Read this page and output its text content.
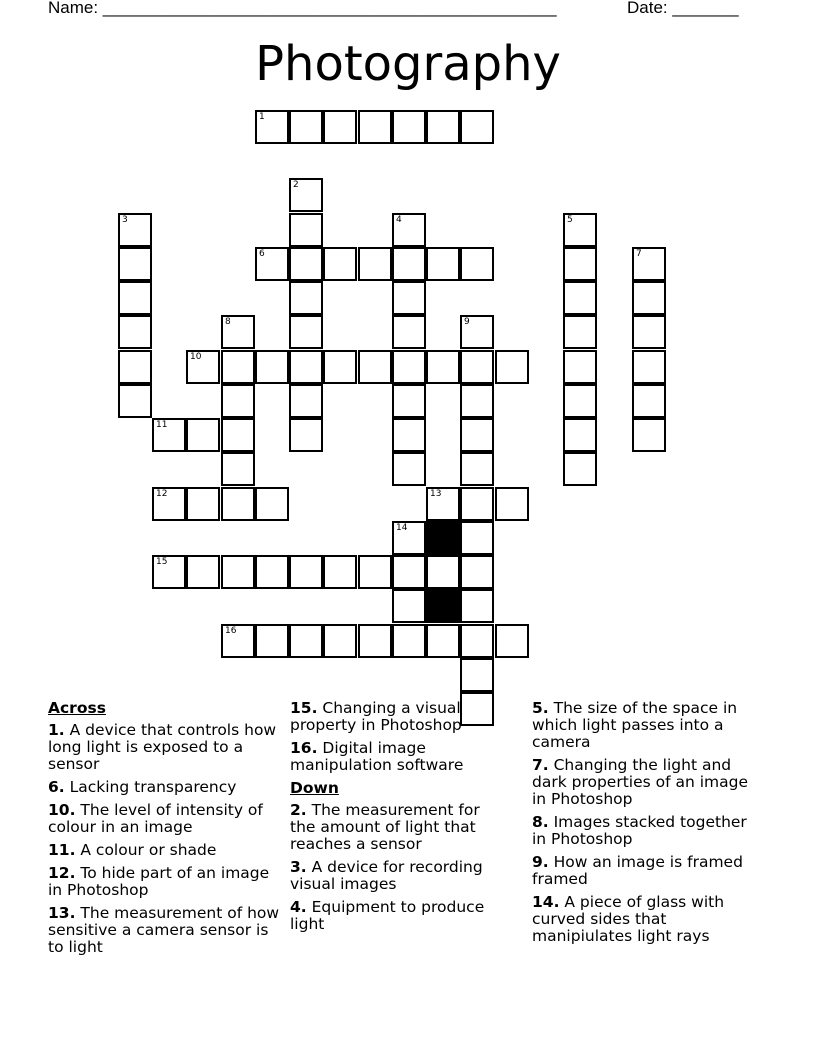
Name: ________________________________________________	Date: _______
Photography
1
2
3	4	5
6	7
8	9
10
11
12	13
14
15
16
Across
1. A device that controls how long light is exposed to a sensor
6. Lacking transparency
10. The level of intensity of colour in an image
11. A colour or shade
12. To hide part of an image in Photoshop
13. The measurement of how sensitive a camera sensor is to light
15. Changing a visual property in Photoshop
16. Digital image manipulation software
Down
2. The measurement for the amount of light that reaches a sensor
3. A device for recording visual images
4. Equipment to produce light
5. The size of the space in which light passes into a camera
7. Changing the light and dark properties of an image in Photoshop
8. Images stacked together in Photoshop
9. How an image is framed framed
14. A piece of glass with curved sides that manipiulates light rays
